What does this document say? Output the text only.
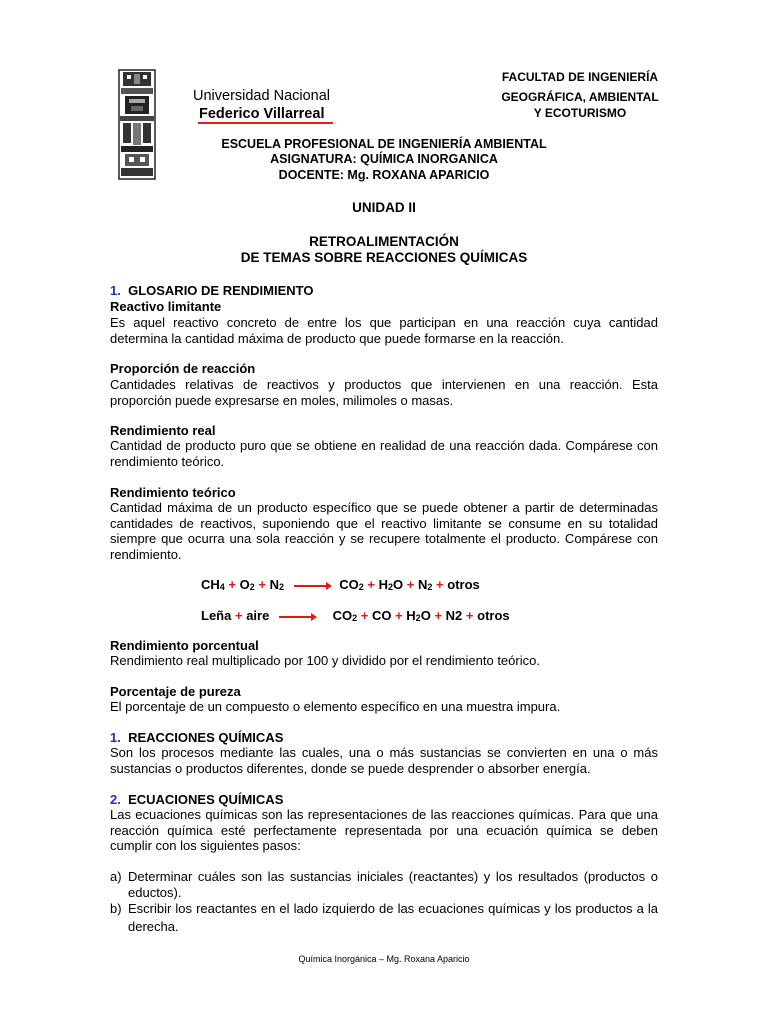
Universidad Nacional
Federico Villarreal
FACULTAD DE INGENIERÍA
GEOGRÁFICA, AMBIENTAL
Y ECOTURISMO
ESCUELA PROFESIONAL DE INGENIERÍA AMBIENTAL
ASIGNATURA: QUÍMICA INORGANICA
DOCENTE: Mg. ROXANA APARICIO
UNIDAD II
RETROALIMENTACIÓN
DE TEMAS SOBRE REACCIONES QUÍMICAS
1. GLOSARIO DE RENDIMIENTO
Reactivo limitante
Es aquel reactivo concreto de entre los que participan en una reacción cuya cantidad determina la cantidad máxima de producto que puede formarse en la reacción.
Proporción de reacción
Cantidades relativas de reactivos y productos que intervienen en una reacción. Esta proporción puede expresarse en moles, milimoles o masas.
Rendimiento real
Cantidad de producto puro que se obtiene en realidad de una reacción dada. Compárese con rendimiento teórico.
Rendimiento teórico
Cantidad máxima de un producto específico que se puede obtener a partir de determinadas cantidades de reactivos, suponiendo que el reactivo limitante se consume en su totalidad siempre que ocurra una sola reacción y se recupere totalmente el producto. Compárese con rendimiento.
$CH_4 + O_2 + N_2 \to CO_2 + H_2O + N_2$ + otros
Leña + aire → $CO_2$ + CO + $H_2O + N2$ + otros
Rendimiento porcentual
Rendimiento real multiplicado por 100 y dividido por el rendimiento teórico.
Porcentaje de pureza
El porcentaje de un compuesto o elemento específico en una muestra impura.
1. REACCIONES QUÍMICAS
Son los procesos mediante las cuales, una o más sustancias se convierten en una o más sustancias o productos diferentes, donde se puede desprender o absorber energía.
2. ECUACIONES QUÍMICAS
Las ecuaciones químicas son las representaciones de las reacciones químicas. Para que una reacción química esté perfectamente representada por una ecuación química se deben cumplir con los siguientes pasos:
a) Determinar cuáles son las sustancias iniciales (reactantes) y los resultados (productos o eductos).
b) Escribir los reactantes en el lado izquierdo de las ecuaciones químicas y los productos a la derecha.
Química Inorgánica – Mg. Roxana Aparicio
